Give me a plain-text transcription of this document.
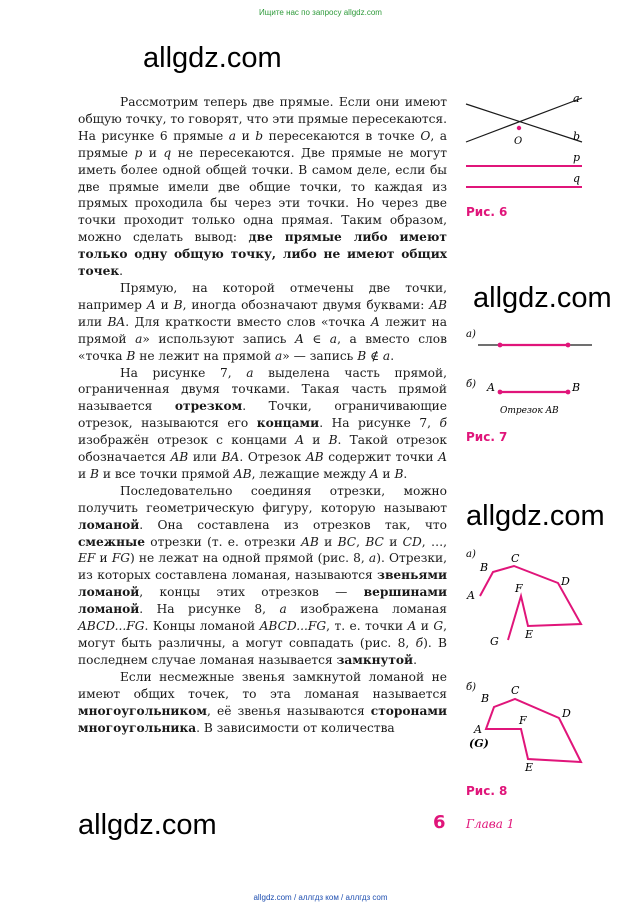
Ищите нас по запросу allgdz.com
allgdz.com
allgdz.com
allgdz.com
allgdz.com

Рассмотрим теперь две прямые. Если они имеют общую точку, то говорят, что эти прямые пересекаются. На рисунке 6 прямые a и b пересекаются в точке O, а прямые p и q не пересекаются. Две прямые не могут иметь более одной общей точки. В самом деле, если бы две прямые имели две общие точки, то каждая из прямых проходила бы через эти точки. Но через две точки проходит только одна прямая. Таким образом, можно сделать вывод: две прямые либо имеют только одну общую точку, либо не имеют общих точек.

Прямую, на которой отмечены две точки, например A и B, иногда обозначают двумя буквами: AB или BA. Для краткости вместо слов «точка A лежит на прямой a» используют запись A ∈ a, а вместо слов «точка B не лежит на прямой a» — запись B ∉ a.

На рисунке 7, а выделена часть прямой, ограниченная двумя точками. Такая часть прямой называется отрезком. Точки, ограничивающие отрезок, называются его концами. На рисунке 7, б изображён отрезок с концами A и B. Такой отрезок обозначается AB или BA. Отрезок AB содержит точки A и B и все точки прямой AB, лежащие между A и B.

Последовательно соединяя отрезки, можно получить геометрическую фигуру, которую называют ломаной. Она составлена из отрезков так, что смежные отрезки (т. е. отрезки AB и BC, BC и CD, …, EF и FG) не лежат на одной прямой (рис. 8, а). Отрезки, из которых составлена ломаная, называются звеньями ломаной, концы этих отрезков — вершинами ломаной. На рисунке 8, а изображена ломаная ABCD...FG. Концы ломаной ABCD...FG, т. е. точки A и G, могут быть различны, а могут совпадать (рис. 8, б). В последнем случае ломаная называется замкнутой.

Если несмежные звенья замкнутой ломаной не имеют общих точек, то эта ломаная называется многоугольником, её звенья называются сторонами многоугольника. В зависимости от количества

a
b
O
p
q
Рис. 6
а)
б) A	B
Отрезок AB
Рис. 7
а)
A
B
C
D
E
F
G
б)
A
B
C
D
E
F
(G)
Рис. 8
6 Глава 1
allgdz.com / аллгдз ком / аллгдз com
